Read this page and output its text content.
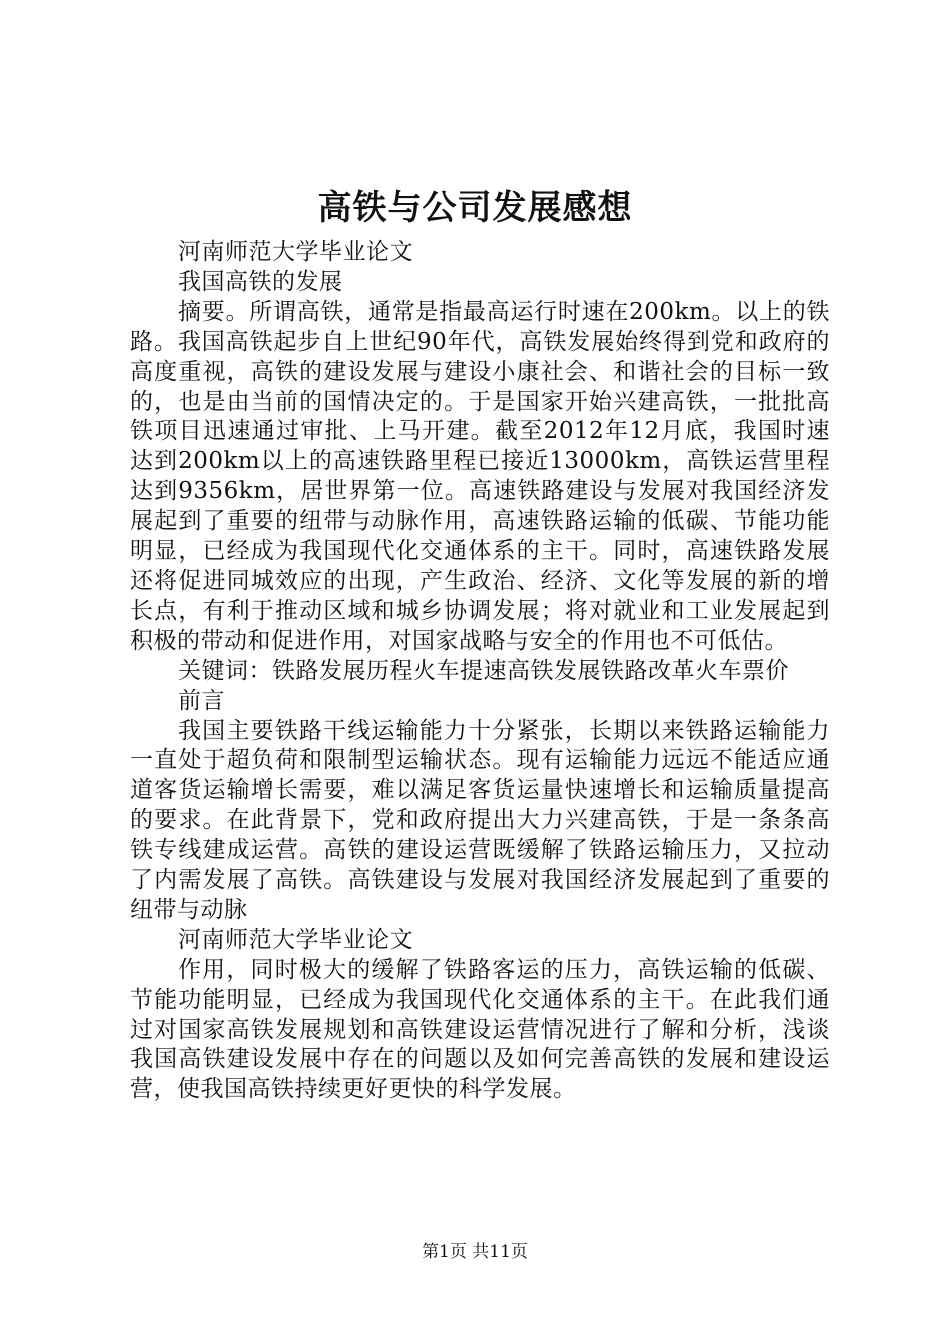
高铁与公司发展感想

河南师范大学毕业论文

我国高铁的发展

摘要。所谓高铁，通常是指最高运行时速在200km。以上的铁路。我国高铁起步自上世纪90年代，高铁发展始终得到党和政府的高度重视，高铁的建设发展与建设小康社会、和谐社会的目标一致的，也是由当前的国情决定的。于是国家开始兴建高铁，一批批高铁项目迅速通过审批、上马开建。截至2012年12月底，我国时速达到200km以上的高速铁路里程已接近13000km，高铁运营里程达到9356km，居世界第一位。高速铁路建设与发展对我国经济发展起到了重要的纽带与动脉作用，高速铁路运输的低碳、节能功能明显，已经成为我国现代化交通体系的主干。同时，高速铁路发展还将促进同城效应的出现，产生政治、经济、文化等发展的新的增长点，有利于推动区域和城乡协调发展；将对就业和工业发展起到积极的带动和促进作用，对国家战略与安全的作用也不可低估。

关键词：铁路发展历程火车提速高铁发展铁路改革火车票价

前言

我国主要铁路干线运输能力十分紧张，长期以来铁路运输能力一直处于超负荷和限制型运输状态。现有运输能力远远不能适应通道客货运输增长需要，难以满足客货运量快速增长和运输质量提高的要求。在此背景下，党和政府提出大力兴建高铁，于是一条条高铁专线建成运营。高铁的建设运营既缓解了铁路运输压力，又拉动了内需发展了高铁。高铁建设与发展对我国经济发展起到了重要的纽带与动脉

河南师范大学毕业论文

作用，同时极大的缓解了铁路客运的压力，高铁运输的低碳、节能功能明显，已经成为我国现代化交通体系的主干。在此我们通过对国家高铁发展规划和高铁建设运营情况进行了解和分析，浅谈我国高铁建设发展中存在的问题以及如何完善高铁的发展和建设运营，使我国高铁持续更好更快的科学发展。

第1页 共11页
